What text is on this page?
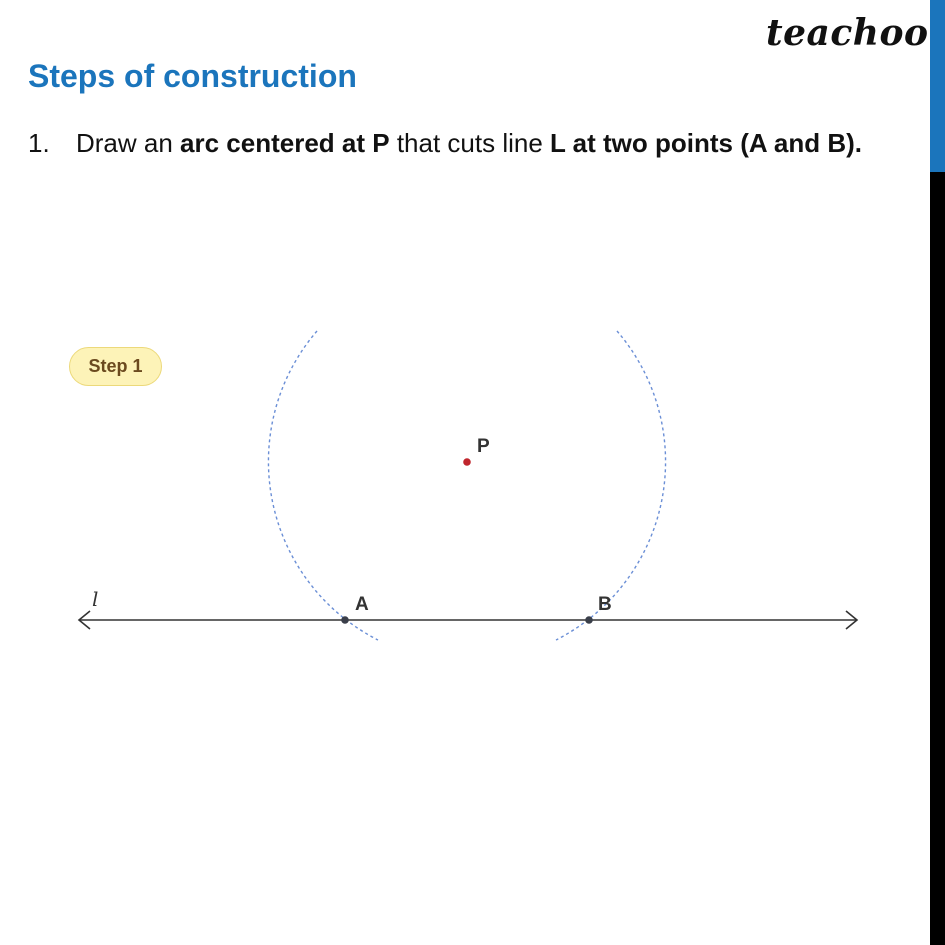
teachoo
Steps of construction
1. Draw an arc centered at P that cuts line L at two points (A and B).
P
A	B
l
Step 1
